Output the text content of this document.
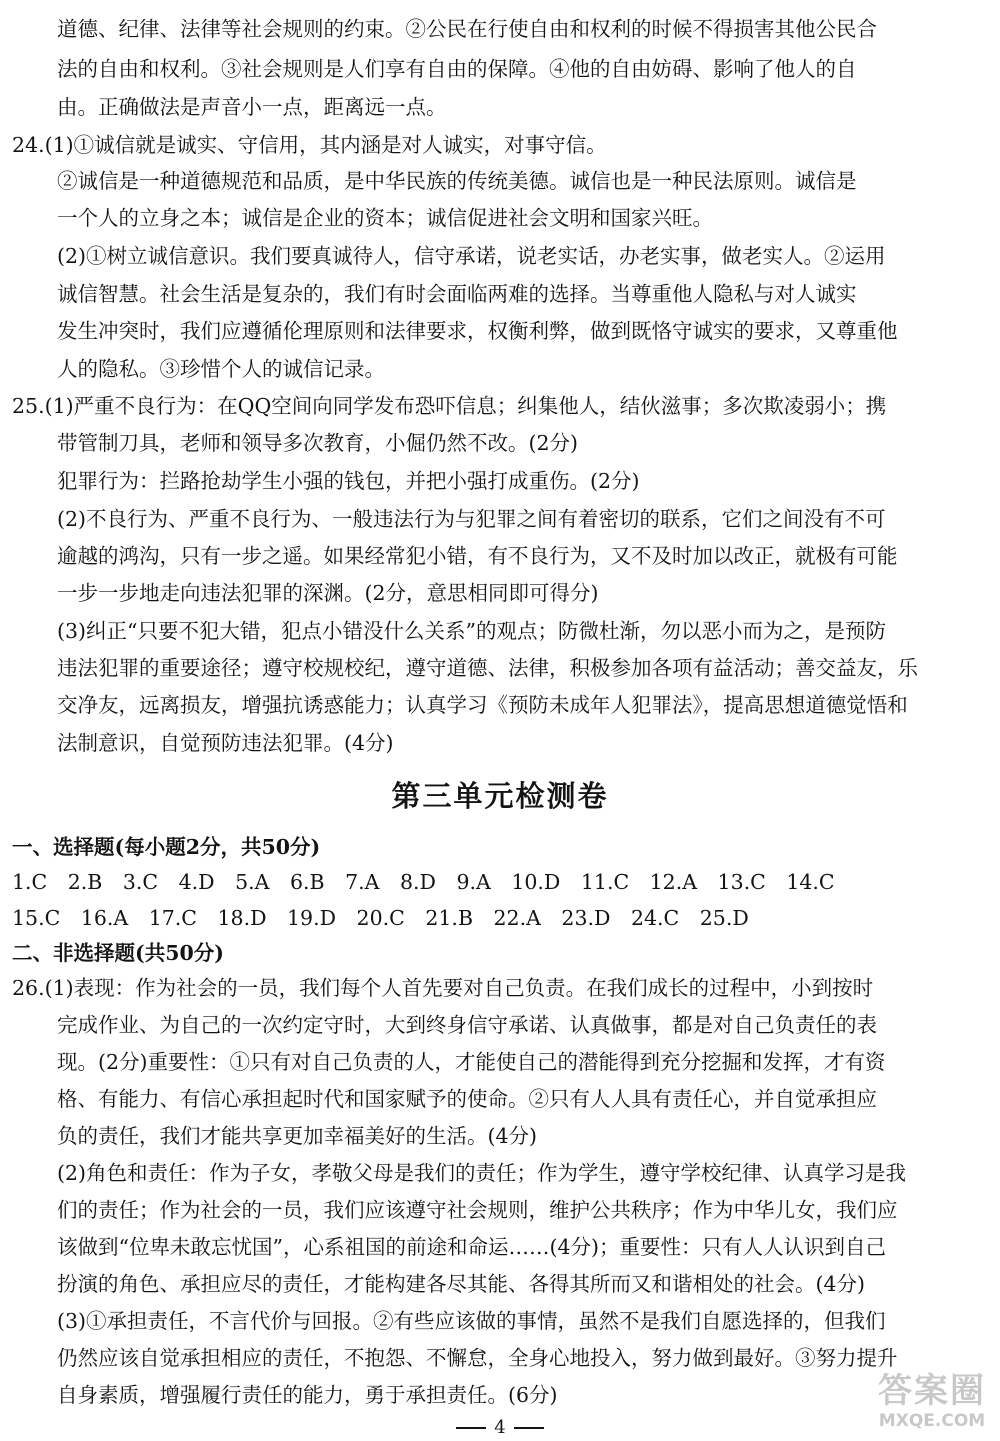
道德、纪律、法律等社会规则的约束。②公民在行使自由和权利的时候不得损害其他公民合
法的自由和权利。③社会规则是人们享有自由的保障。④他的自由妨碍、影响了他人的自
由。正确做法是声音小一点，距离远一点。
24.(1)①诚信就是诚实、守信用，其内涵是对人诚实，对事守信。
②诚信是一种道德规范和品质，是中华民族的传统美德。诚信也是一种民法原则。诚信是
一个人的立身之本；诚信是企业的资本；诚信促进社会文明和国家兴旺。
(2)①树立诚信意识。我们要真诚待人，信守承诺，说老实话，办老实事，做老实人。②运用
诚信智慧。社会生活是复杂的，我们有时会面临两难的选择。当尊重他人隐私与对人诚实
发生冲突时，我们应遵循伦理原则和法律要求，权衡利弊，做到既恪守诚实的要求，又尊重他
人的隐私。③珍惜个人的诚信记录。
25.(1)严重不良行为：在QQ空间向同学发布恐吓信息；纠集他人，结伙滋事；多次欺凌弱小；携
带管制刀具，老师和领导多次教育，小倔仍然不改。(2分)
犯罪行为：拦路抢劫学生小强的钱包，并把小强打成重伤。(2分)
(2)不良行为、严重不良行为、一般违法行为与犯罪之间有着密切的联系，它们之间没有不可
逾越的鸿沟，只有一步之遥。如果经常犯小错，有不良行为，又不及时加以改正，就极有可能
一步一步地走向违法犯罪的深渊。(2分，意思相同即可得分)
(3)纠正“只要不犯大错，犯点小错没什么关系”的观点；防微杜渐，勿以恶小而为之，是预防
违法犯罪的重要途径；遵守校规校纪，遵守道德、法律，积极参加各项有益活动；善交益友，乐
交净友，远离损友，增强抗诱惑能力；认真学习《预防未成年人犯罪法》，提高思想道德觉悟和
法制意识，自觉预防违法犯罪。(4分)
第三单元检测卷
一、选择题(每小题2分，共50分)
1.C　2.B　3.C　4.D　5.A　6.B　7.A　8.D　9.A　10.D　11.C　12.A　13.C　14.C
15.C　16.A　17.C　18.D　19.D　20.C　21.B　22.A　23.D　24.C　25.D
二、非选择题(共50分)
26.(1)表现：作为社会的一员，我们每个人首先要对自己负责。在我们成长的过程中，小到按时
完成作业、为自己的一次约定守时，大到终身信守承诺、认真做事，都是对自己负责任的表
现。(2分)重要性：①只有对自己负责的人，才能使自己的潜能得到充分挖掘和发挥，才有资
格、有能力、有信心承担起时代和国家赋予的使命。②只有人人具有责任心，并自觉承担应
负的责任，我们才能共享更加幸福美好的生活。(4分)
(2)角色和责任：作为子女，孝敬父母是我们的责任；作为学生，遵守学校纪律、认真学习是我
们的责任；作为社会的一员，我们应该遵守社会规则，维护公共秩序；作为中华儿女，我们应
该做到“位卑未敢忘忧国”，心系祖国的前途和命运……(4分)；重要性：只有人人认识到自己
扮演的角色、承担应尽的责任，才能构建各尽其能、各得其所而又和谐相处的社会。(4分)
(3)①承担责任，不言代价与回报。②有些应该做的事情，虽然不是我们自愿选择的，但我们
仍然应该自觉承担相应的责任，不抱怨、不懈怠，全身心地投入，努力做到最好。③努力提升
自身素质，增强履行责任的能力，勇于承担责任。(6分)
4
答案圈
MXQE.COM
